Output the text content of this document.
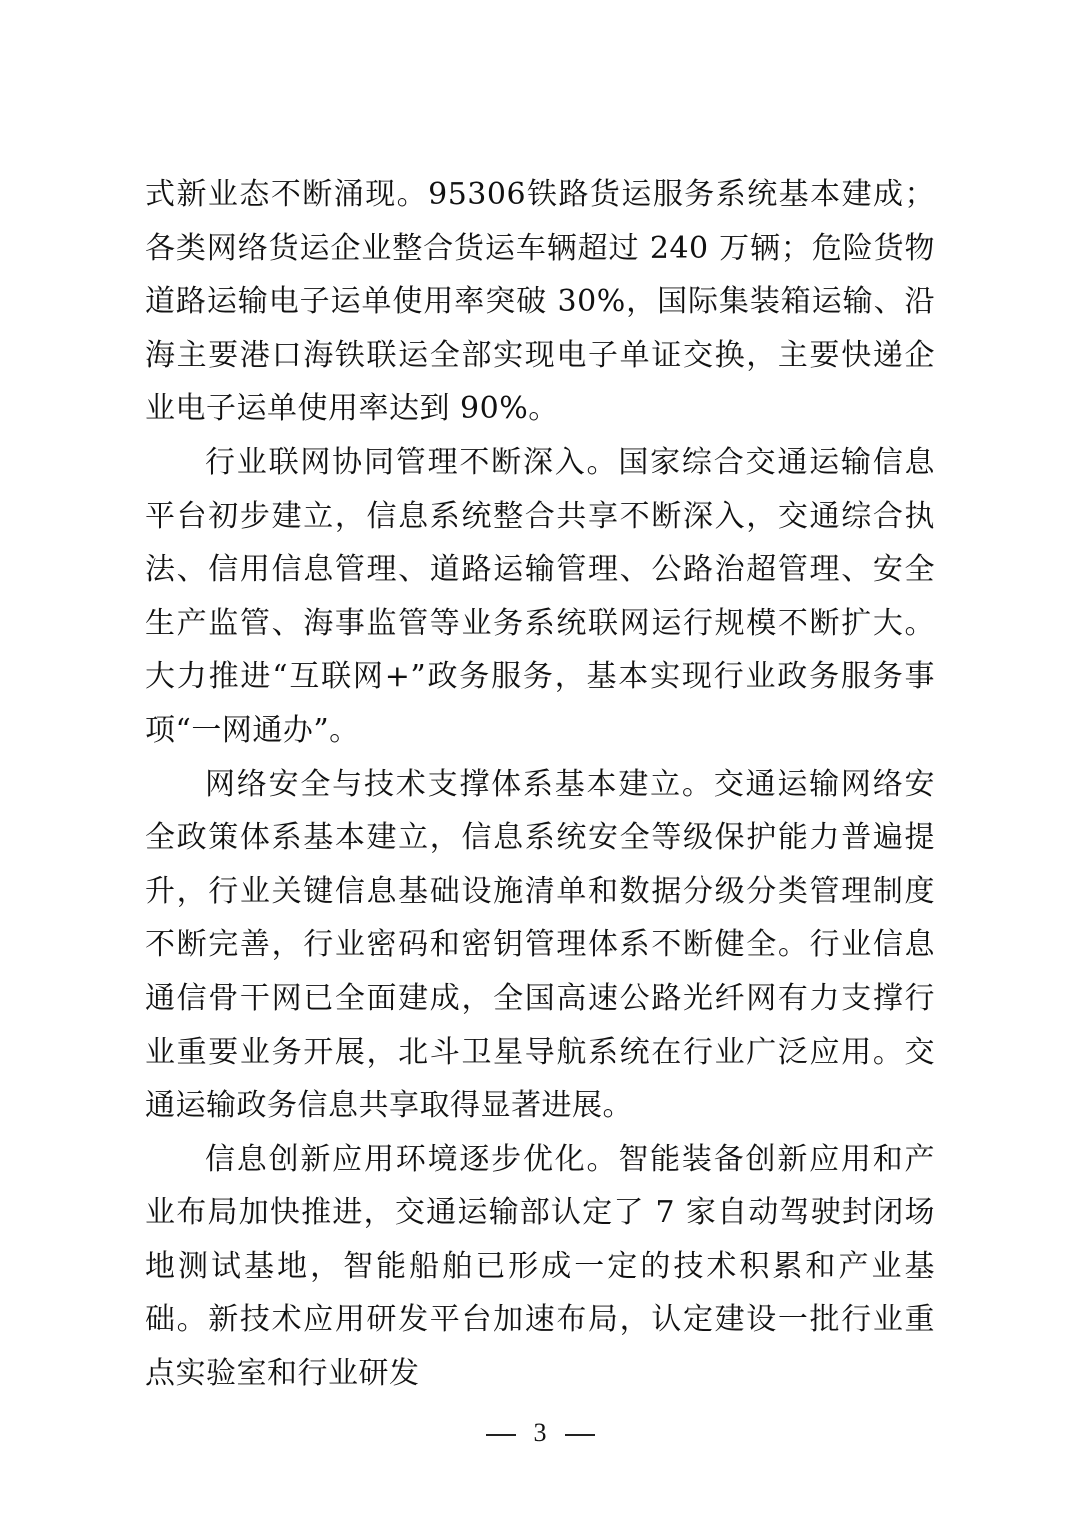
式新业态不断涌现。95306铁路货运服务系统基本建成；各类网络货运企业整合货运车辆超过 240 万辆；危险货物道路运输电子运单使用率突破 30%，国际集装箱运输、沿海主要港口海铁联运全部实现电子单证交换，主要快递企业电子运单使用率达到 90%。

行业联网协同管理不断深入。国家综合交通运输信息平台初步建立，信息系统整合共享不断深入，交通综合执法、信用信息管理、道路运输管理、公路治超管理、安全生产监管、海事监管等业务系统联网运行规模不断扩大。大力推进“互联网+”政务服务，基本实现行业政务服务事项“一网通办”。

网络安全与技术支撑体系基本建立。交通运输网络安全政策体系基本建立，信息系统安全等级保护能力普遍提升，行业关键信息基础设施清单和数据分级分类管理制度不断完善，行业密码和密钥管理体系不断健全。行业信息通信骨干网已全面建成，全国高速公路光纤网有力支撑行业重要业务开展，北斗卫星导航系统在行业广泛应用。交通运输政务信息共享取得显著进展。

信息创新应用环境逐步优化。智能装备创新应用和产业布局加快推进，交通运输部认定了 7 家自动驾驶封闭场地测试基地，智能船舶已形成一定的技术积累和产业基础。新技术应用研发平台加速布局，认定建设一批行业重点实验室和行业研发

3
